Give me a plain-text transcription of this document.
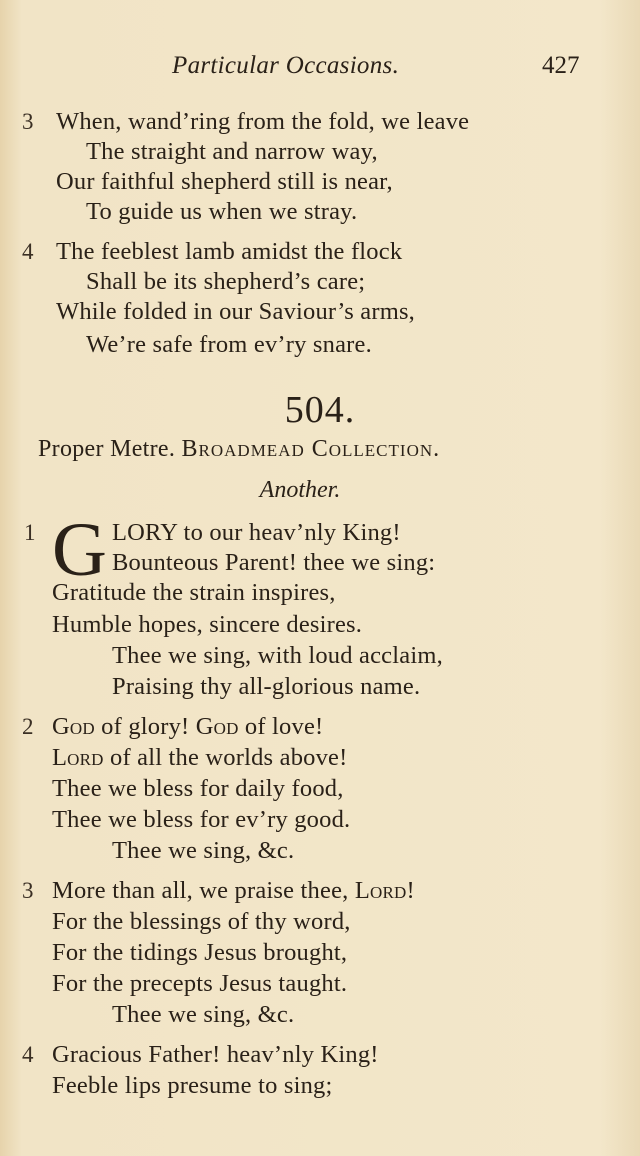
Particular Occasions.	427
3 When, wand’ring from the fold, we leave
The straight and narrow way,
Our faithful shepherd still is near,
To guide us when we stray.
4 The feeblest lamb amidst the flock
Shall be its shepherd’s care;
While folded in our Saviour’s arms,
We’re safe from ev’ry snare.
504.
Proper Metre. Broadmead Collection.
Another.
1 G LORY to our heav’nly King!
Bounteous Parent! thee we sing:
Gratitude the strain inspires,
Humble hopes, sincere desires.
Thee we sing, with loud acclaim,
Praising thy all-glorious name.
2 God of glory! God of love!
Lord of all the worlds above!
Thee we bless for daily food,
Thee we bless for ev’ry good.
Thee we sing, &c.
3 More than all, we praise thee, Lord!
For the blessings of thy word,
For the tidings Jesus brought,
For the precepts Jesus taught.
Thee we sing, &c.
4 Gracious Father! heav’nly King!
Feeble lips presume to sing;
